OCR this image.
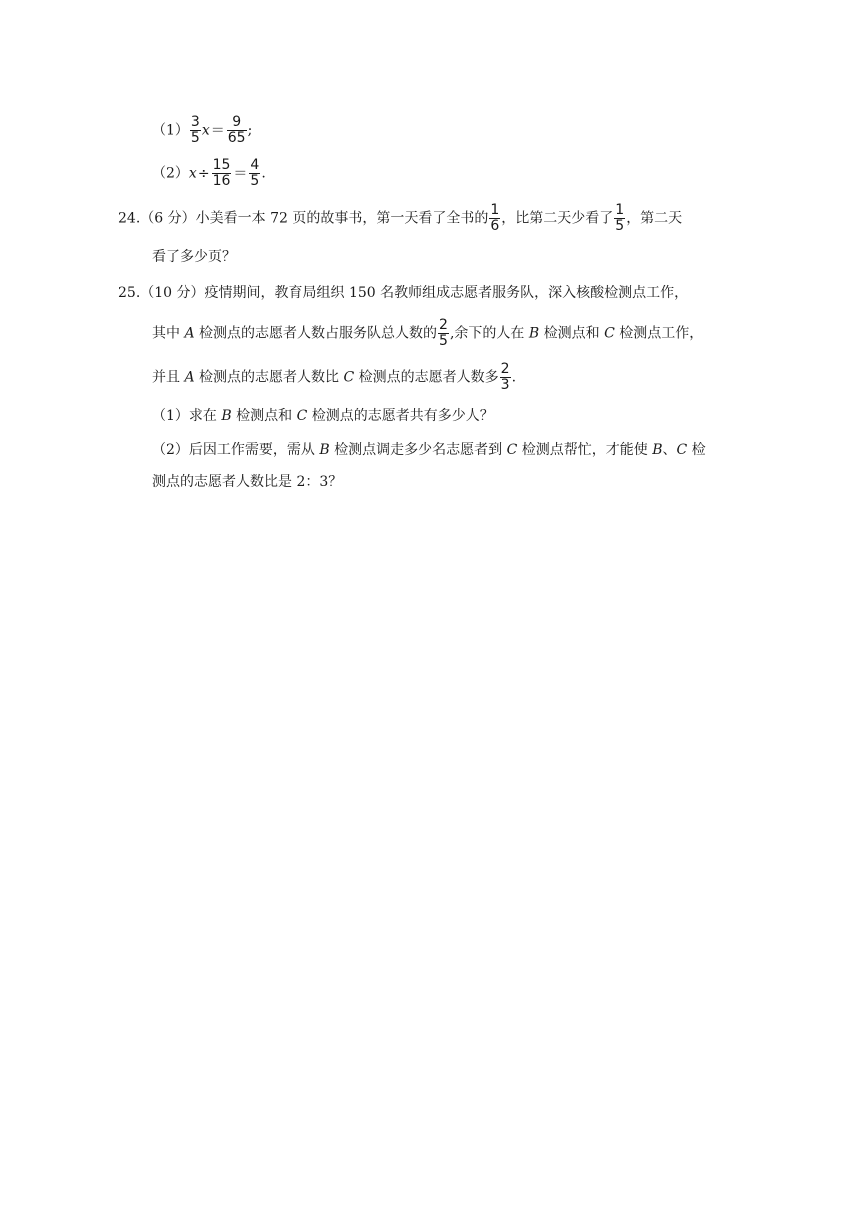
$(1) \frac{3}{5} x= \frac{9}{65}$ ;
$(2)x\div \frac{15}{16} = \frac{4}{5}$ .
24.（6 分）小美看一本 72 页的故事书，第一天看了全书的 $\frac{1}{6}$ ，比第二天少看了 $\frac{1}{5}$ ，第二天
看了多少页？
25.（10 分）疫情期间，教育局组织 150 名教师组成志愿者服务队，深入核酸检测点工作，
其中 A 检测点的志愿者人数占服务队总人数的 $\frac{2}{5}$ ,余下的人在 B 检测点和 C 检测点工作，
并且 A 检测点的志愿者人数比 C 检测点的志愿者人数多 $\frac{2}{3}$ .
（1）求在 B 检测点和 C 检测点的志愿者共有多少人？
（2）后因工作需要，需从 B 检测点调走多少名志愿者到 C 检测点帮忙，才能使 B、C 检
测点的志愿者人数比是 2：3？
